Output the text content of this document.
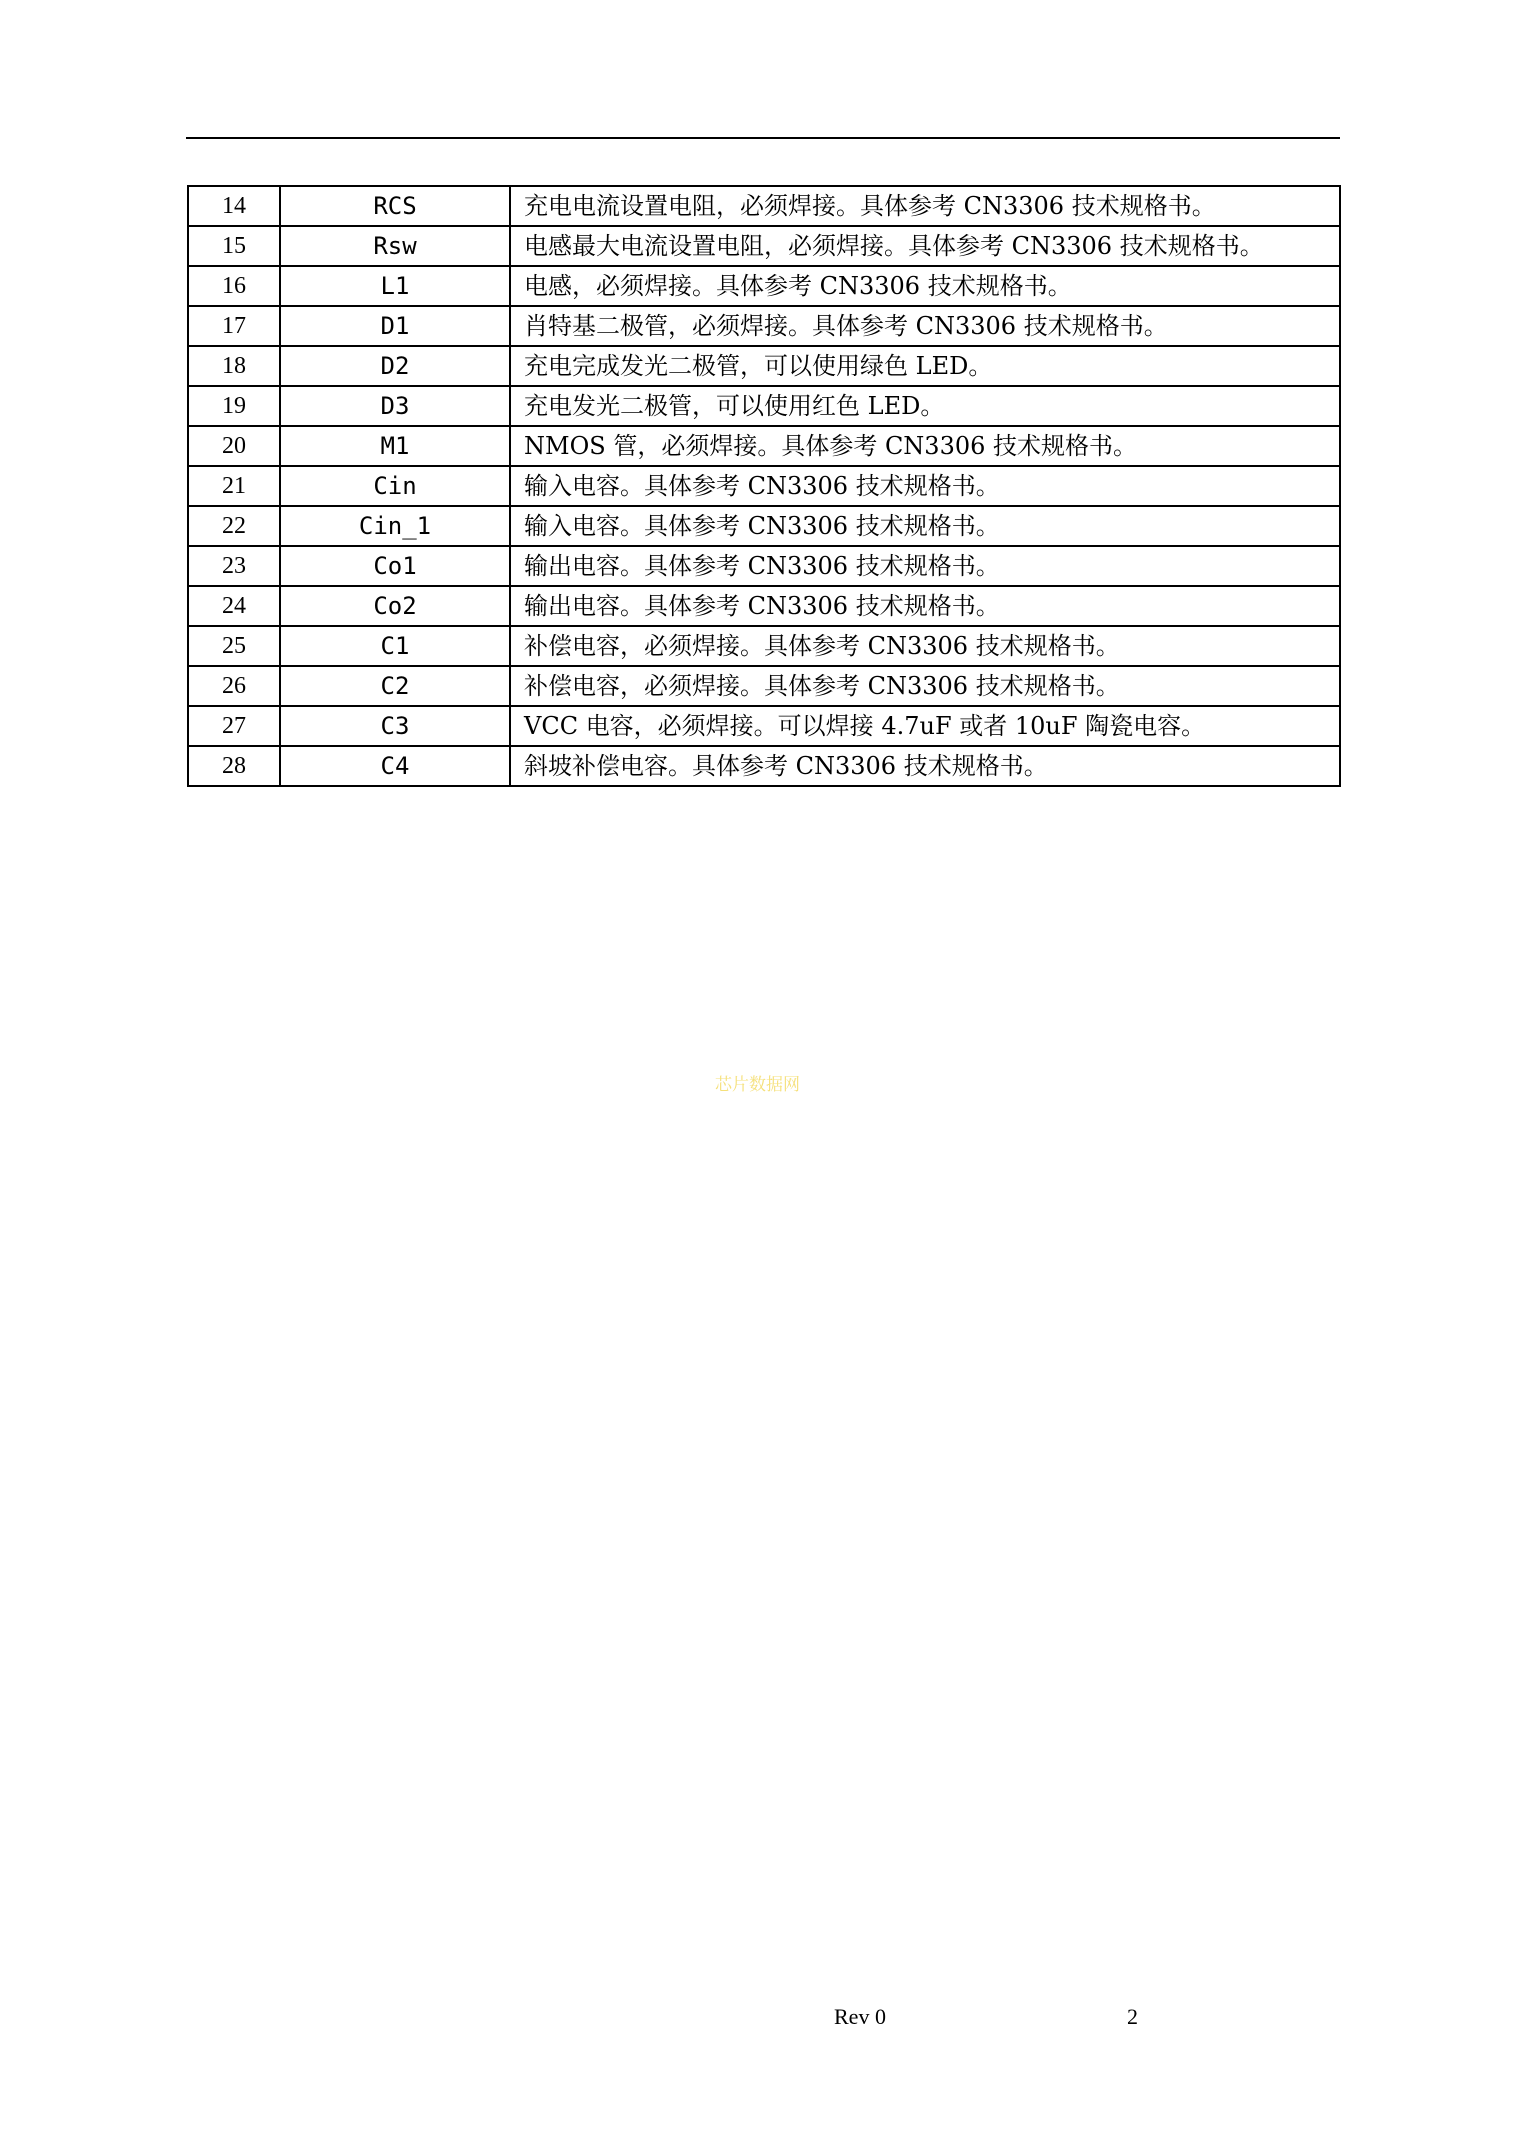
14	RCS	充电电流设置电阻，必须焊接。具体参考 CN3306 技术规格书。
15	Rsw	电感最大电流设置电阻，必须焊接。具体参考 CN3306 技术规格书。
16	L1	电感，必须焊接。具体参考 CN3306 技术规格书。
17	D1	肖特基二极管，必须焊接。具体参考 CN3306 技术规格书。
18	D2	充电完成发光二极管，可以使用绿色 LED。
19	D3	充电发光二极管，可以使用红色 LED。
20	M1	NMOS 管，必须焊接。具体参考 CN3306 技术规格书。
21	Cin	输入电容。具体参考 CN3306 技术规格书。
22	Cin_1	输入电容。具体参考 CN3306 技术规格书。
23	Co1	输出电容。具体参考 CN3306 技术规格书。
24	Co2	输出电容。具体参考 CN3306 技术规格书。
25	C1	补偿电容，必须焊接。具体参考 CN3306 技术规格书。
26	C2	补偿电容，必须焊接。具体参考 CN3306 技术规格书。
27	C3	VCC 电容，必须焊接。可以焊接 4.7uF 或者 10uF 陶瓷电容。
28	C4	斜坡补偿电容。具体参考 CN3306 技术规格书。
芯片数据网
Rev 0	2
